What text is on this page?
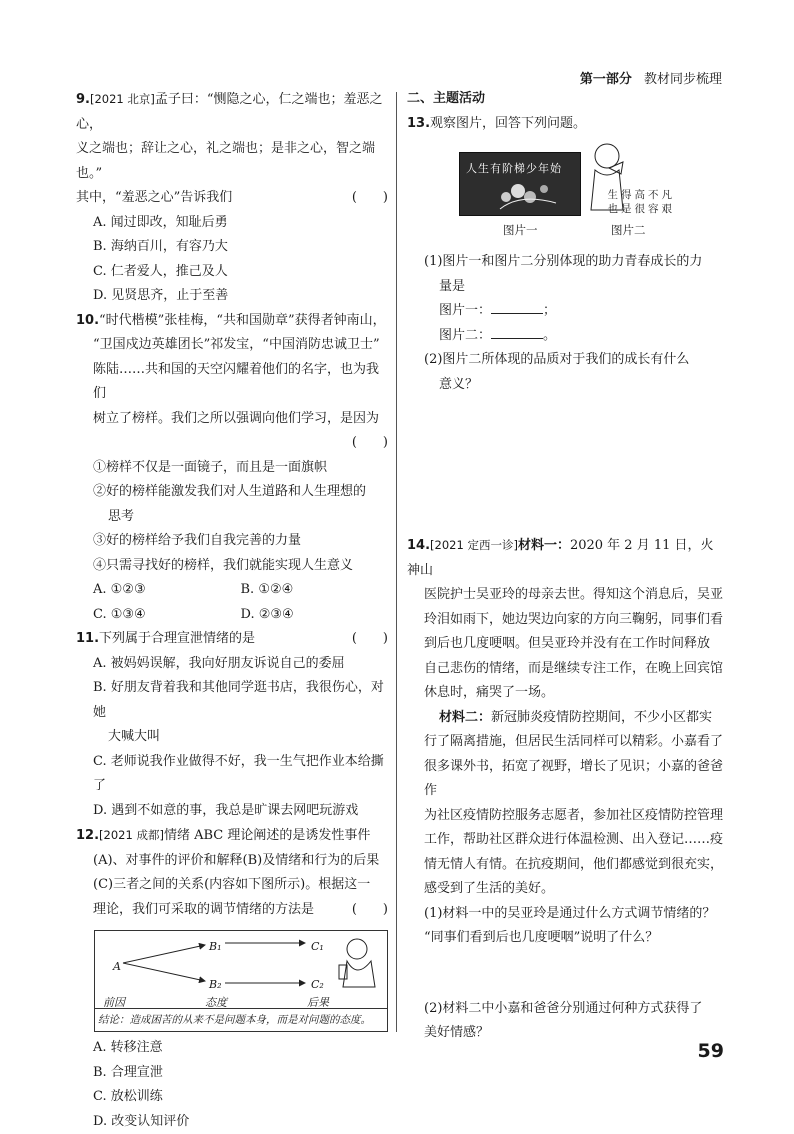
第一部分 教材同步梳理

9.[2021 北京]孟子曰：“恻隐之心，仁之端也；羞恶之心，

义之端也；辞让之心，礼之端也；是非之心，智之端也。”

其中，“羞恶之心”告诉我们	(　　)

A. 闻过即改，知耻后勇

B. 海纳百川，有容乃大

C. 仁者爱人，推己及人

D. 见贤思齐，止于至善

10.“时代楷模”张桂梅，“共和国勋章”获得者钟南山，

“卫国戍边英雄团长”祁发宝，“中国消防忠诚卫士”

陈陆……共和国的天空闪耀着他们的名字，也为我们

树立了榜样。我们之所以强调向他们学习，是因为

(　　)

①榜样不仅是一面镜子，而且是一面旗帜

②好的榜样能激发我们对人生道路和人生理想的

思考

③好的榜样给予我们自我完善的力量

④只需寻找好的榜样，我们就能实现人生意义

A. ①②③	B. ①②④

C. ①③④	D. ②③④

11.下列属于合理宣泄情绪的是	(　　)

A. 被妈妈误解，我向好朋友诉说自己的委屈

B. 好朋友背着我和其他同学逛书店，我很伤心，对她

大喊大叫

C. 老师说我作业做得不好，我一生气把作业本给撕了

D. 遇到不如意的事，我总是旷课去网吧玩游戏

12.[2021 成都]情绪 ABC 理论阐述的是诱发性事件

(A)、对事件的评价和解释(B)及情绪和行为的后果

(C)三者之间的关系(内容如下图所示)。根据这一

理论，我们可采取的调节情绪的方法是	(　　)

A
B₁
B₂
C₁
C₂
前因	态度	后果
结论：造成困苦的从来不是问题本身，而是对问题的态度。

A. 转移注意

B. 合理宣泄

C. 放松训练

D. 改变认知评价

二、主题活动

13.观察图片，回答下列问题。

人生有阶梯少年始
图片一
生得高不凡
也是很容艰
图片二

(1)图片一和图片二分别体现的助力青春成长的力

量是

图片一：	；

图片二：	。

(2)图片二所体现的品质对于我们的成长有什么

意义？

14.[2021 定西一诊]材料一：2020 年 2 月 11 日，火神山

医院护士吴亚玲的母亲去世。得知这个消息后，吴亚

玲泪如雨下，她边哭边向家的方向三鞠躬，同事们看

到后也几度哽咽。但吴亚玲并没有在工作时间释放

自己悲伤的情绪，而是继续专注工作，在晚上回宾馆

休息时，痛哭了一场。

材料二：新冠肺炎疫情防控期间，不少小区都实

行了隔离措施，但居民生活同样可以精彩。小嘉看了

很多课外书，拓宽了视野，增长了见识；小嘉的爸爸作

为社区疫情防控服务志愿者，参加社区疫情防控管理

工作，帮助社区群众进行体温检测、出入登记……疫

情无情人有情。在抗疫期间，他们都感觉到很充实，

感受到了生活的美好。

(1)材料一中的吴亚玲是通过什么方式调节情绪的？

“同事们看到后也几度哽咽”说明了什么？

(2)材料二中小嘉和爸爸分别通过何种方式获得了

美好情感？

59
